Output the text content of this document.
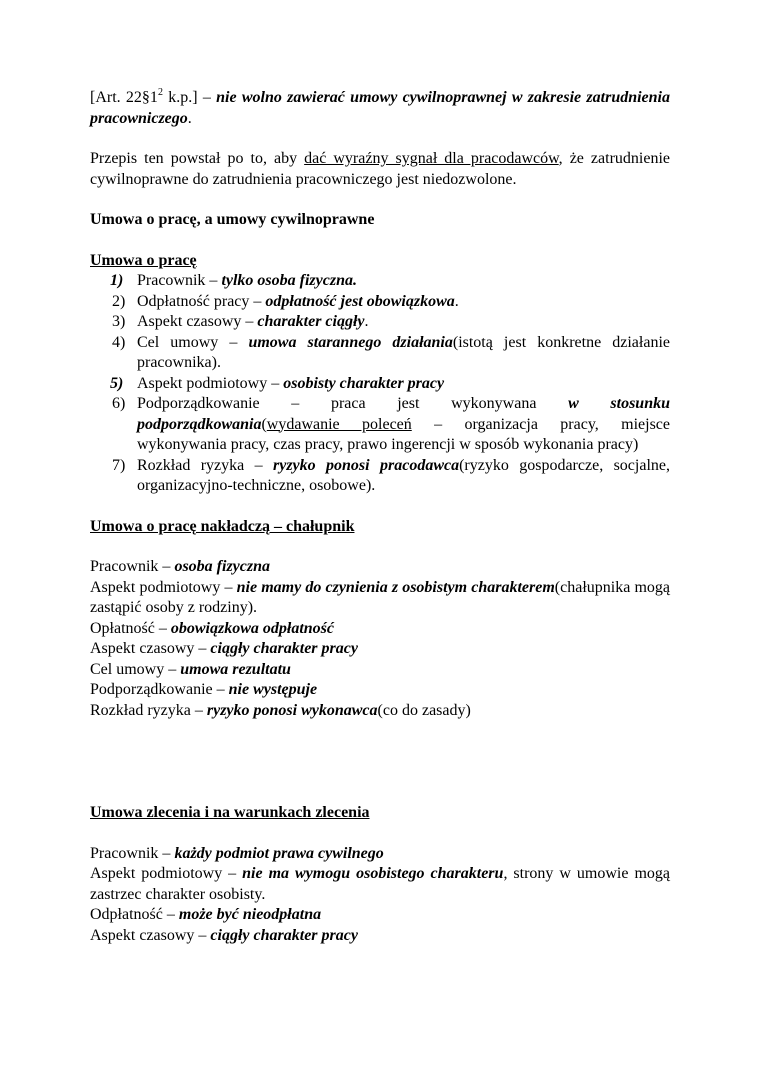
[Art. $22\S 1^2$ k.p.] – nie wolno zawierać umowy cywilnoprawnej w zakresie zatrudnienia pracowniczego.

Przepis ten powstał po to, aby dać wyraźny sygnał dla pracodawców, że zatrudnienie cywilnoprawne do zatrudnienia pracowniczego jest niedozwolone.

Umowa o pracę, a umowy cywilnoprawne
Umowa o pracę
1) Pracownik – tylko osoba fizyczna.
2) Odpłatność pracy – odpłatność jest obowiązkowa.
3) Aspekt czasowy – charakter ciągły.
4) Cel umowy – umowa starannego działania(istotą jest konkretne działanie pracownika).
5) Aspekt podmiotowy – osobisty charakter pracy
6) Podporządkowanie – praca jest wykonywana w stosunku podporządkowania(wydawanie poleceń – organizacja pracy, miejsce wykonywania pracy, czas pracy, prawo ingerencji w sposób wykonania pracy)
7) Rozkład ryzyka – ryzyko ponosi pracodawca(ryzyko gospodarcze, socjalne, organizacyjno-techniczne, osobowe).
Umowa o pracę nakładczą – chałupnik

Pracownik – osoba fizyczna

Aspekt podmiotowy – nie mamy do czynienia z osobistym charakterem(chałupnika mogą zastąpić osoby z rodziny).

Opłatność – obowiązkowa odpłatność

Aspekt czasowy – ciągły charakter pracy

Cel umowy – umowa rezultatu

Podporządkowanie – nie występuje

Rozkład ryzyka – ryzyko ponosi wykonawca(co do zasady)

Umowa zlecenia i na warunkach zlecenia

Pracownik – każdy podmiot prawa cywilnego

Aspekt podmiotowy – nie ma wymogu osobistego charakteru, strony w umowie mogą zastrzec charakter osobisty.

Odpłatność – może być nieodpłatna

Aspekt czasowy – ciągły charakter pracy
